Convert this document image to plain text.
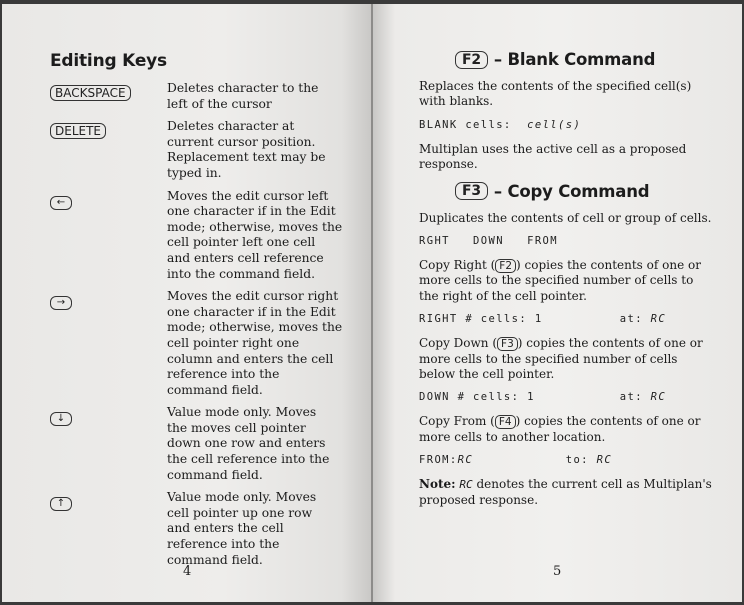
Editing Keys
BACKSPACE	Deletes character to the
left of the cursor
DELETE	Deletes character at
current cursor position.
Replacement text may be
typed in.
←	Moves the edit cursor left
one character if in the Edit
mode; otherwise, moves the
cell pointer left one cell
and enters cell reference
into the command field.
→	Moves the edit cursor right
one character if in the Edit
mode; otherwise, moves the
cell pointer right one
column and enters the cell
reference into the
command field.
↓	Value mode only. Moves
the moves cell pointer
down one row and enters
the cell reference into the
command field.
↑	Value mode only. Moves
cell pointer up one row
and enters the cell
reference into the
command field.
4
F2 – Blank Command
Replaces the contents of the specified cell(s)
with blanks.
BLANK cells: cell(s)
Multiplan uses the active cell as a proposed
response.
F3 – Copy Command
Duplicates the contents of cell or group of cells.
RGHT   DOWN   FROM
Copy Right ( F2 ) copies the contents of one or
more cells to the specified number of cells to
the right of the cell pointer.
RIGHT # cells: 1	at: RC
Copy Down ( F3 ) copies the contents of one or
more cells to the specified number of cells
below the cell pointer.
DOWN # cells: 1	at: RC
Copy From ( F4 ) copies the contents of one or
more cells to another location.
FROM:RC	to: RC
Note: RC denotes the current cell as Multiplan's
proposed response.
5
